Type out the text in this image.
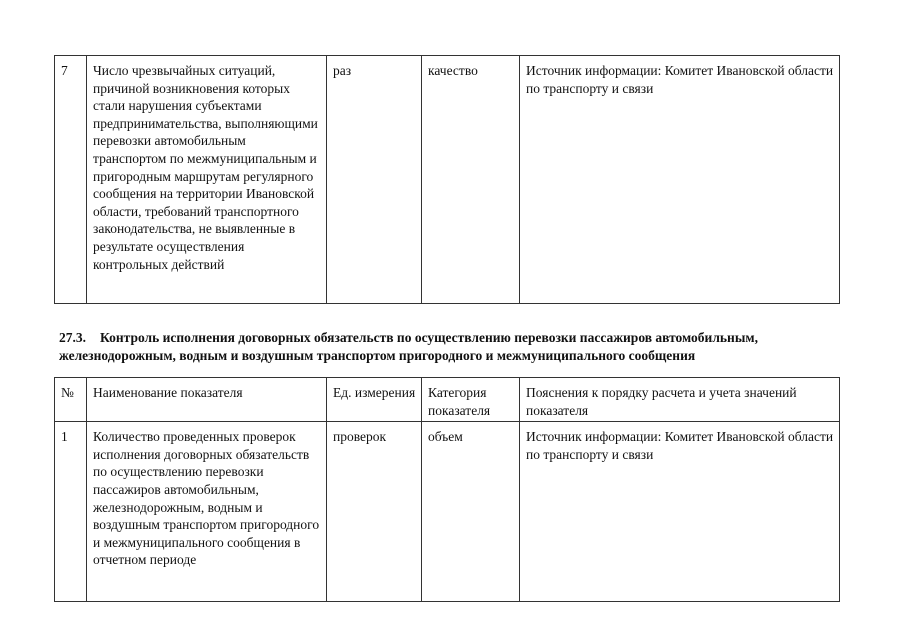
7	Число чрезвычайных ситуаций, причиной возникновения которых стали нарушения субъектами предпринимательства, выполняющими перевозки автомобильным транспортом по межмуниципальным и пригородным маршрутам регулярного сообщения на территории Ивановской области, требований транспортного законодательства, не выявленные в результате осуществления контрольных действий	раз	качество	Источник информации: Комитет Ивановской области по транспорту и связи
27.3. Контроль исполнения договорных обязательств по осуществлению перевозки пассажиров автомобильным, железнодорожным, водным и воздушным транспортом пригородного и межмуниципального сообщения
№	Наименование показателя	Ед. измерения	Категория показателя	Пояснения к порядку расчета и учета значений показателя
1	Количество проведенных проверок исполнения договорных обязательств по осуществлению перевозки пассажиров автомобильным, железнодорожным, водным и воздушным транспортом пригородного и межмуниципального сообщения в отчетном периоде	проверок	объем	Источник информации: Комитет Ивановской области по транспорту и связи
